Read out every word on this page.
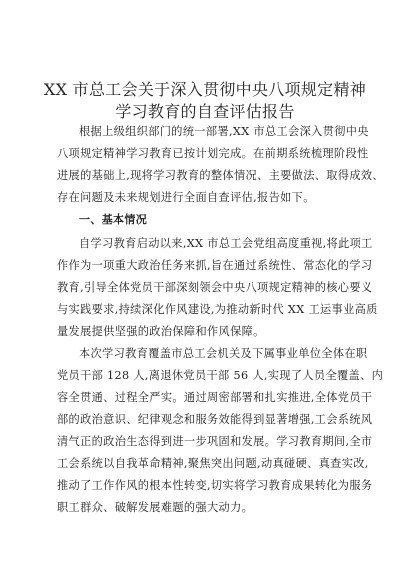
XX 市总工会关于深入贯彻中央八项规定精神
学习教育的自查评估报告
根据上级组织部门的统一部署,XX 市总工会深入贯彻中央
八项规定精神学习教育已按计划完成。在前期系统梳理阶段性
进展的基础上,现将学习教育的整体情况、主要做法、取得成效、
存在问题及未来规划进行全面自查评估,报告如下。
一、基本情况
自学习教育启动以来,XX 市总工会党组高度重视,将此项工
作作为一项重大政治任务来抓,旨在通过系统性、常态化的学习
教育,引导全体党员干部深刻领会中央八项规定精神的核心要义
与实践要求,持续深化作风建设,为推动新时代 XX 工运事业高质
量发展提供坚强的政治保障和作风保障。
本次学习教育覆盖市总工会机关及下属事业单位全体在职
党员干部 128 人,离退休党员干部 56 人,实现了人员全覆盖、内
容全贯通、过程全严实。通过周密部署和扎实推进,全体党员干
部的政治意识、纪律观念和服务效能得到显著增强,工会系统风
清气正的政治生态得到进一步巩固和发展。学习教育期间,全市
工会系统以自我革命精神,聚焦突出问题,动真碰硬、真查实改,
推动了工作作风的根本性转变,切实将学习教育成果转化为服务
职工群众、破解发展难题的强大动力。
